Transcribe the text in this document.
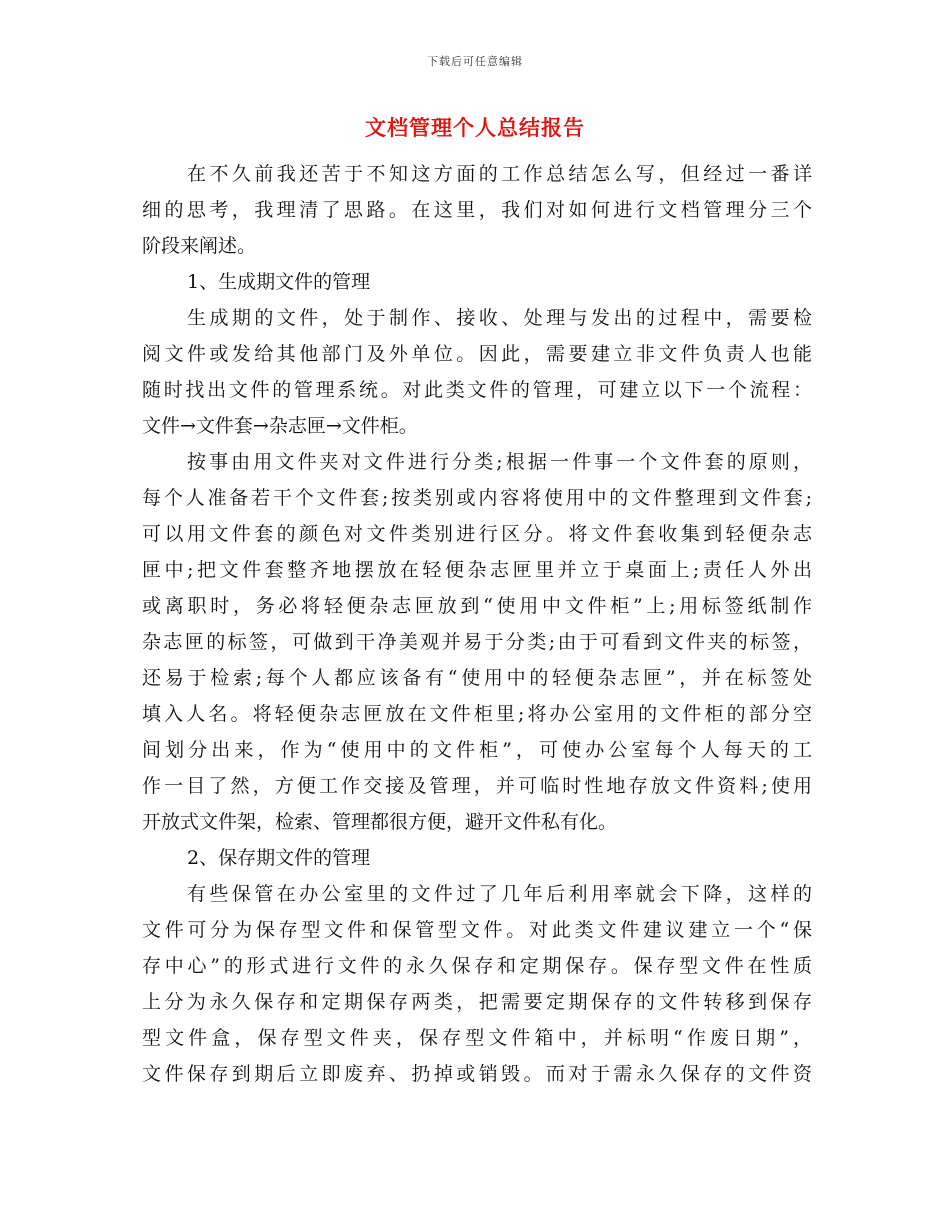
下载后可任意编辑
文档管理个人总结报告
在不久前我还苦于不知这方面的工作总结怎么写，但经过一番详
细的思考，我理清了思路。在这里，我们对如何进行文档管理分三个
阶段来阐述。
1、生成期文件的管理
生成期的文件，处于制作、接收、处理与发出的过程中，需要检
阅文件或发给其他部门及外单位。因此，需要建立非文件负责人也能
随时找出文件的管理系统。对此类文件的管理，可建立以下一个流程：
文件→文件套→杂志匣→文件柜。
按事由用文件夹对文件进行分类;根据一件事一个文件套的原则，
每个人准备若干个文件套;按类别或内容将使用中的文件整理到文件套;
可以用文件套的颜色对文件类别进行区分。将文件套收集到轻便杂志
匣中;把文件套整齐地摆放在轻便杂志匣里并立于桌面上;责任人外出
或离职时，务必将轻便杂志匣放到“使用中文件柜”上;用标签纸制作
杂志匣的标签，可做到干净美观并易于分类;由于可看到文件夹的标签，
还易于检索;每个人都应该备有“使用中的轻便杂志匣”，并在标签处
填入人名。将轻便杂志匣放在文件柜里;将办公室用的文件柜的部分空
间划分出来，作为“使用中的文件柜”，可使办公室每个人每天的工
作一目了然，方便工作交接及管理，并可临时性地存放文件资料;使用
开放式文件架，检索、管理都很方便，避开文件私有化。
2、保存期文件的管理
有些保管在办公室里的文件过了几年后利用率就会下降，这样的
文件可分为保存型文件和保管型文件。对此类文件建议建立一个“保
存中心”的形式进行文件的永久保存和定期保存。保存型文件在性质
上分为永久保存和定期保存两类，把需要定期保存的文件转移到保存
型文件盒，保存型文件夹，保存型文件箱中，并标明“作废日期”，
文件保存到期后立即废弃、扔掉或销毁。而对于需永久保存的文件资
